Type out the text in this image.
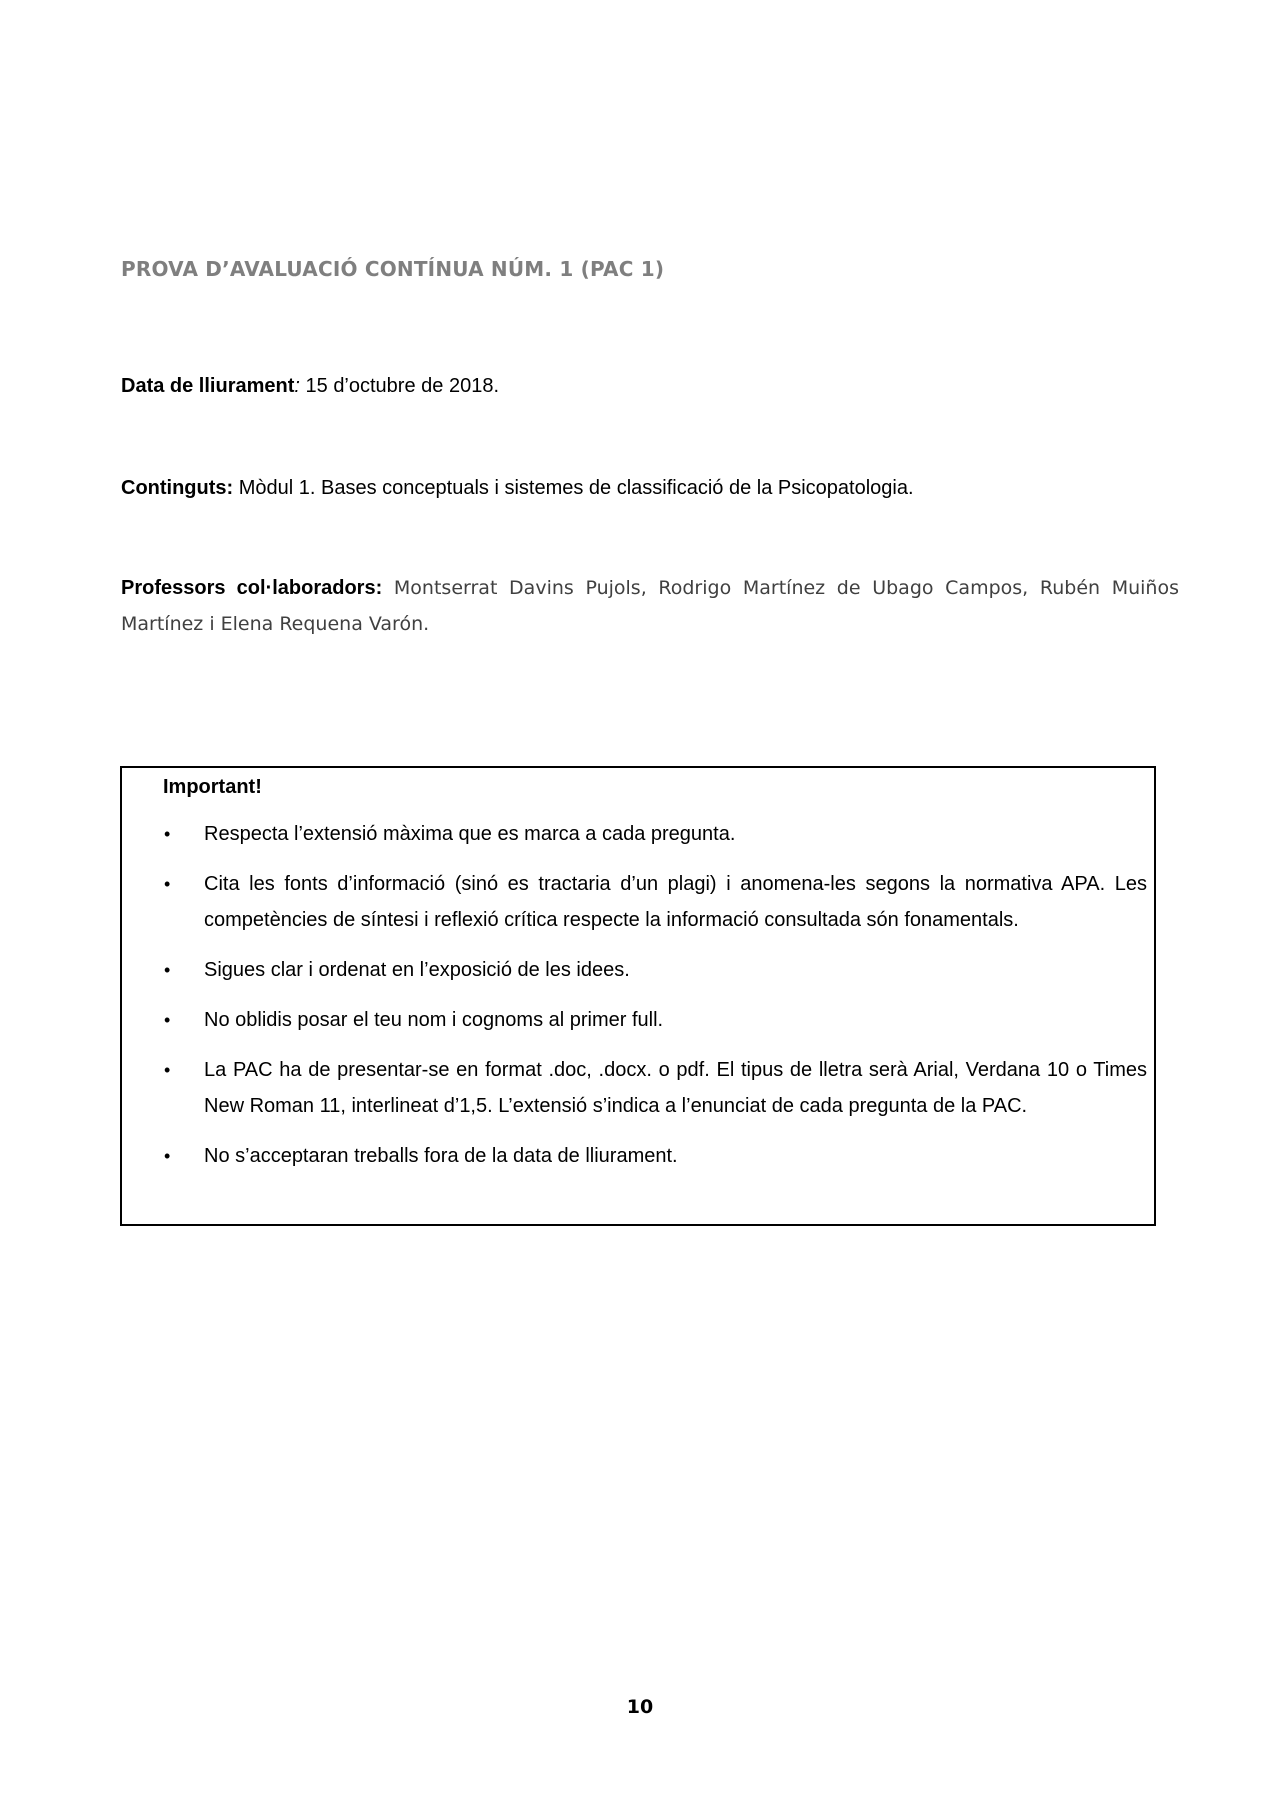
PROVA D’AVALUACIÓ CONTÍNUA NÚM. 1 (PAC 1)

Data de lliurament: 15 d’octubre de 2018.

Continguts: Mòdul 1. Bases conceptuals i sistemes de classificació de la Psicopatologia.

Professors col·laboradors: Montserrat Davins Pujols, Rodrigo Martínez de Ubago Campos, Rubén Muiños Martínez i Elena Requena Varón.

Important!

• Respecta l’extensió màxima que es marca a cada pregunta.
• Cita les fonts d’informació (sinó es tractaria d’un plagi) i anomena-les segons la normativa APA. Les competències de síntesi i reflexió crítica respecte la informació consultada són fonamentals.
• Sigues clar i ordenat en l’exposició de les idees.
• No oblidis posar el teu nom i cognoms al primer full.
• La PAC ha de presentar-se en format .doc, .docx. o pdf. El tipus de lletra serà Arial, Verdana 10 o Times New Roman 11, interlineat d’1,5. L’extensió s’indica a l’enunciat de cada pregunta de la PAC.
• No s’acceptaran treballs fora de la data de lliurament.

10
